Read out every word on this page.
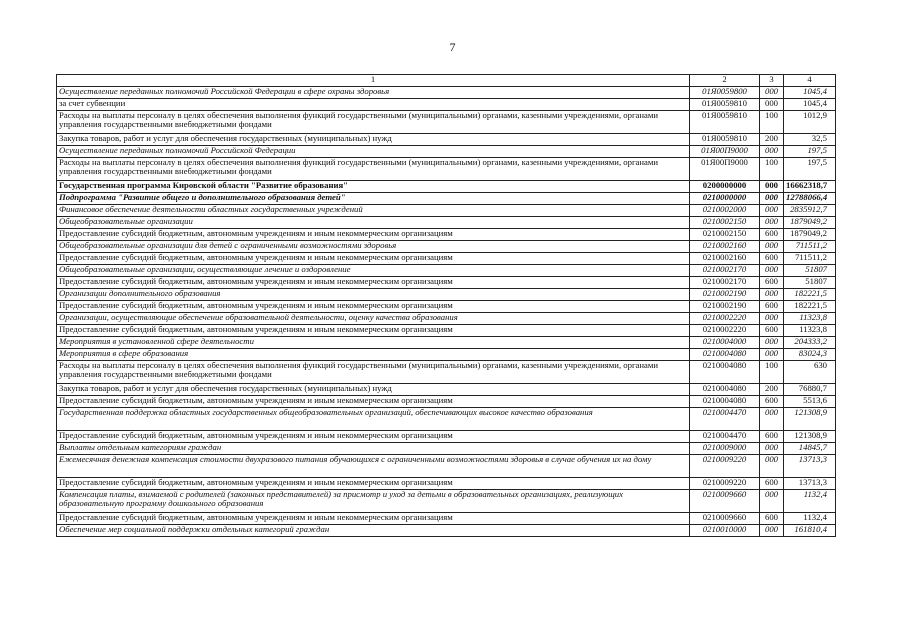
7
1	2	3	4
Осуществление переданных полномочий Российской Федерации в сфере охраны здоровья	01Я0059800	000	1045,4
за счет субвенции	01Я0059810	000	1045,4
Расходы на выплаты персоналу в целях обеспечения выполнения функций государственными (муниципальными) органами, казенными учреждениями, органами управления государственными внебюджетными фондами	01Я0059810	100	1012,9
Закупка товаров, работ и услуг для обеспечения государственных (муниципальных) нужд	01Я0059810	200	32,5
Осуществление переданных полномочий Российской Федерации	01Я00П9000	000	197,5
Расходы на выплаты персоналу в целях обеспечения выполнения функций государственными (муниципальными) органами, казенными учреждениями, органами управления государственными внебюджетными фондами	01Я00П9000	100	197,5
Государственная программа Кировской области "Развитие образования"	0200000000	000	16662318,7
Подпрограмма "Развитие общего и дополнительного образования детей"	0210000000	000	12788066,4
Финансовое обеспечение деятельности областных государственных учреждений	0210002000	000	2835912,7
Общеобразовательные организации	0210002150	000	1879049,2
Предоставление субсидий бюджетным, автономным учреждениям и иным некоммерческим организациям	0210002150	600	1879049,2
Общеобразовательные организации для детей с ограниченными возможностями здоровья	0210002160	000	711511,2
Предоставление субсидий бюджетным, автономным учреждениям и иным некоммерческим организациям	0210002160	600	711511,2
Общеобразовательные организации, осуществляющие лечение и оздоровление	0210002170	000	51807
Предоставление субсидий бюджетным, автономным учреждениям и иным некоммерческим организациям	0210002170	600	51807
Организации дополнительного образования	0210002190	000	182221,5
Предоставление субсидий бюджетным, автономным учреждениям и иным некоммерческим организациям	0210002190	600	182221,5
Организации, осуществляющие обеспечение образовательной деятельности, оценку качества образования	0210002220	000	11323,8
Предоставление субсидий бюджетным, автономным учреждениям и иным некоммерческим организациям	0210002220	600	11323,8
Мероприятия в установленной сфере деятельности	0210004000	000	204333,2
Мероприятия в сфере образования	0210004080	000	83024,3
Расходы на выплаты персоналу в целях обеспечения выполнения функций государственными (муниципальными) органами, казенными учреждениями, органами управления государственными внебюджетными фондами	0210004080	100	630
Закупка товаров, работ и услуг для обеспечения государственных (муниципальных) нужд	0210004080	200	76880,7
Предоставление субсидий бюджетным, автономным учреждениям и иным некоммерческим организациям	0210004080	600	5513,6
Государственная поддержка областных государственных общеобразовательных организаций, обеспечивающих высокое качество образования	0210004470	000	121308,9
Предоставление субсидий бюджетным, автономным учреждениям и иным некоммерческим организациям	0210004470	600	121308,9
Выплаты отдельным категориям граждан	0210009000	000	14845,7
Ежемесячная денежная компенсация стоимости двухразового питания обучающихся с ограниченными возможностями здоровья в случае обучения их на дому	0210009220	000	13713,3
Предоставление субсидий бюджетным, автономным учреждениям и иным некоммерческим организациям	0210009220	600	13713,3
Компенсация платы, взимаемой с родителей (законных представителей) за присмотр и уход за детьми в образовательных организациях, реализующих образовательную программу дошкольного образования	0210009660	000	1132,4
Предоставление субсидий бюджетным, автономным учреждениям и иным некоммерческим организациям	0210009660	600	1132,4
Обеспечение мер социальной поддержки отдельных категорий граждан	0210010000	000	161810,4
